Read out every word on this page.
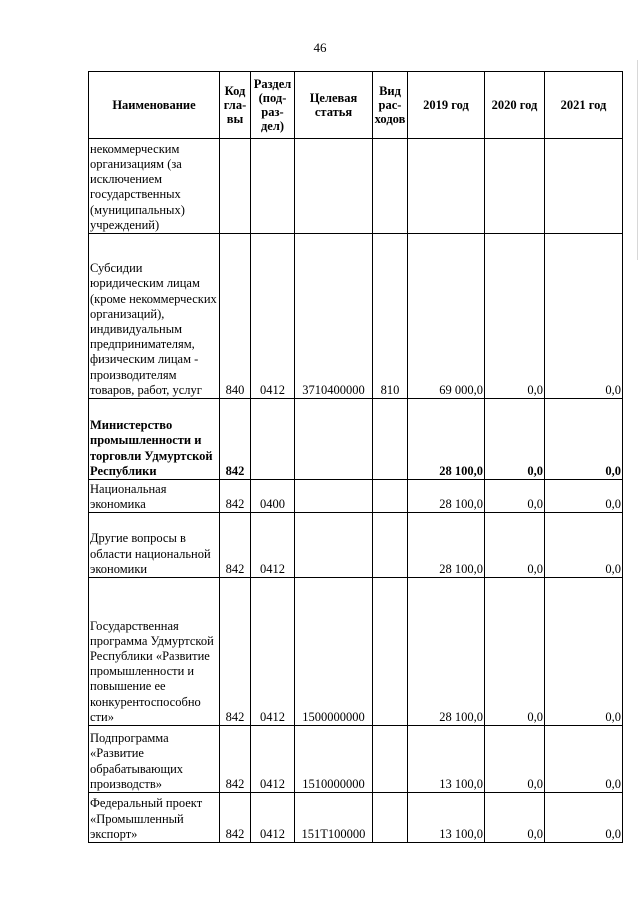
46
Наименование	Код гла-вы	Раздел (под-раз-дел)	Целевая статья	Вид рас-ходов	2019 год	2020 год	2021 год
некоммерческим организациям (за исключением государственных (муниципальных) учреждений)							
Субсидии юридическим лицам (кроме некоммерческих организаций), индивидуальным предпринимателям, физическим лицам - производителям товаров, работ, услуг	840	0412	3710400000	810	69 000,0	0,0	0,0
Министерство промышленности и торговли Удмуртской Республики	842				28 100,0	0,0	0,0
Национальная экономика	842	0400			28 100,0	0,0	0,0
Другие вопросы в области национальной экономики	842	0412			28 100,0	0,0	0,0
Государственная программа Удмуртской Республики «Развитие промышленности и повышение ее конкурентоспособно сти»	842	0412	1500000000		28 100,0	0,0	0,0
Подпрограмма «Развитие обрабатывающих производств»	842	0412	1510000000		13 100,0	0,0	0,0
Федеральный проект «Промышленный экспорт»	842	0412	151T100000		13 100,0	0,0	0,0
